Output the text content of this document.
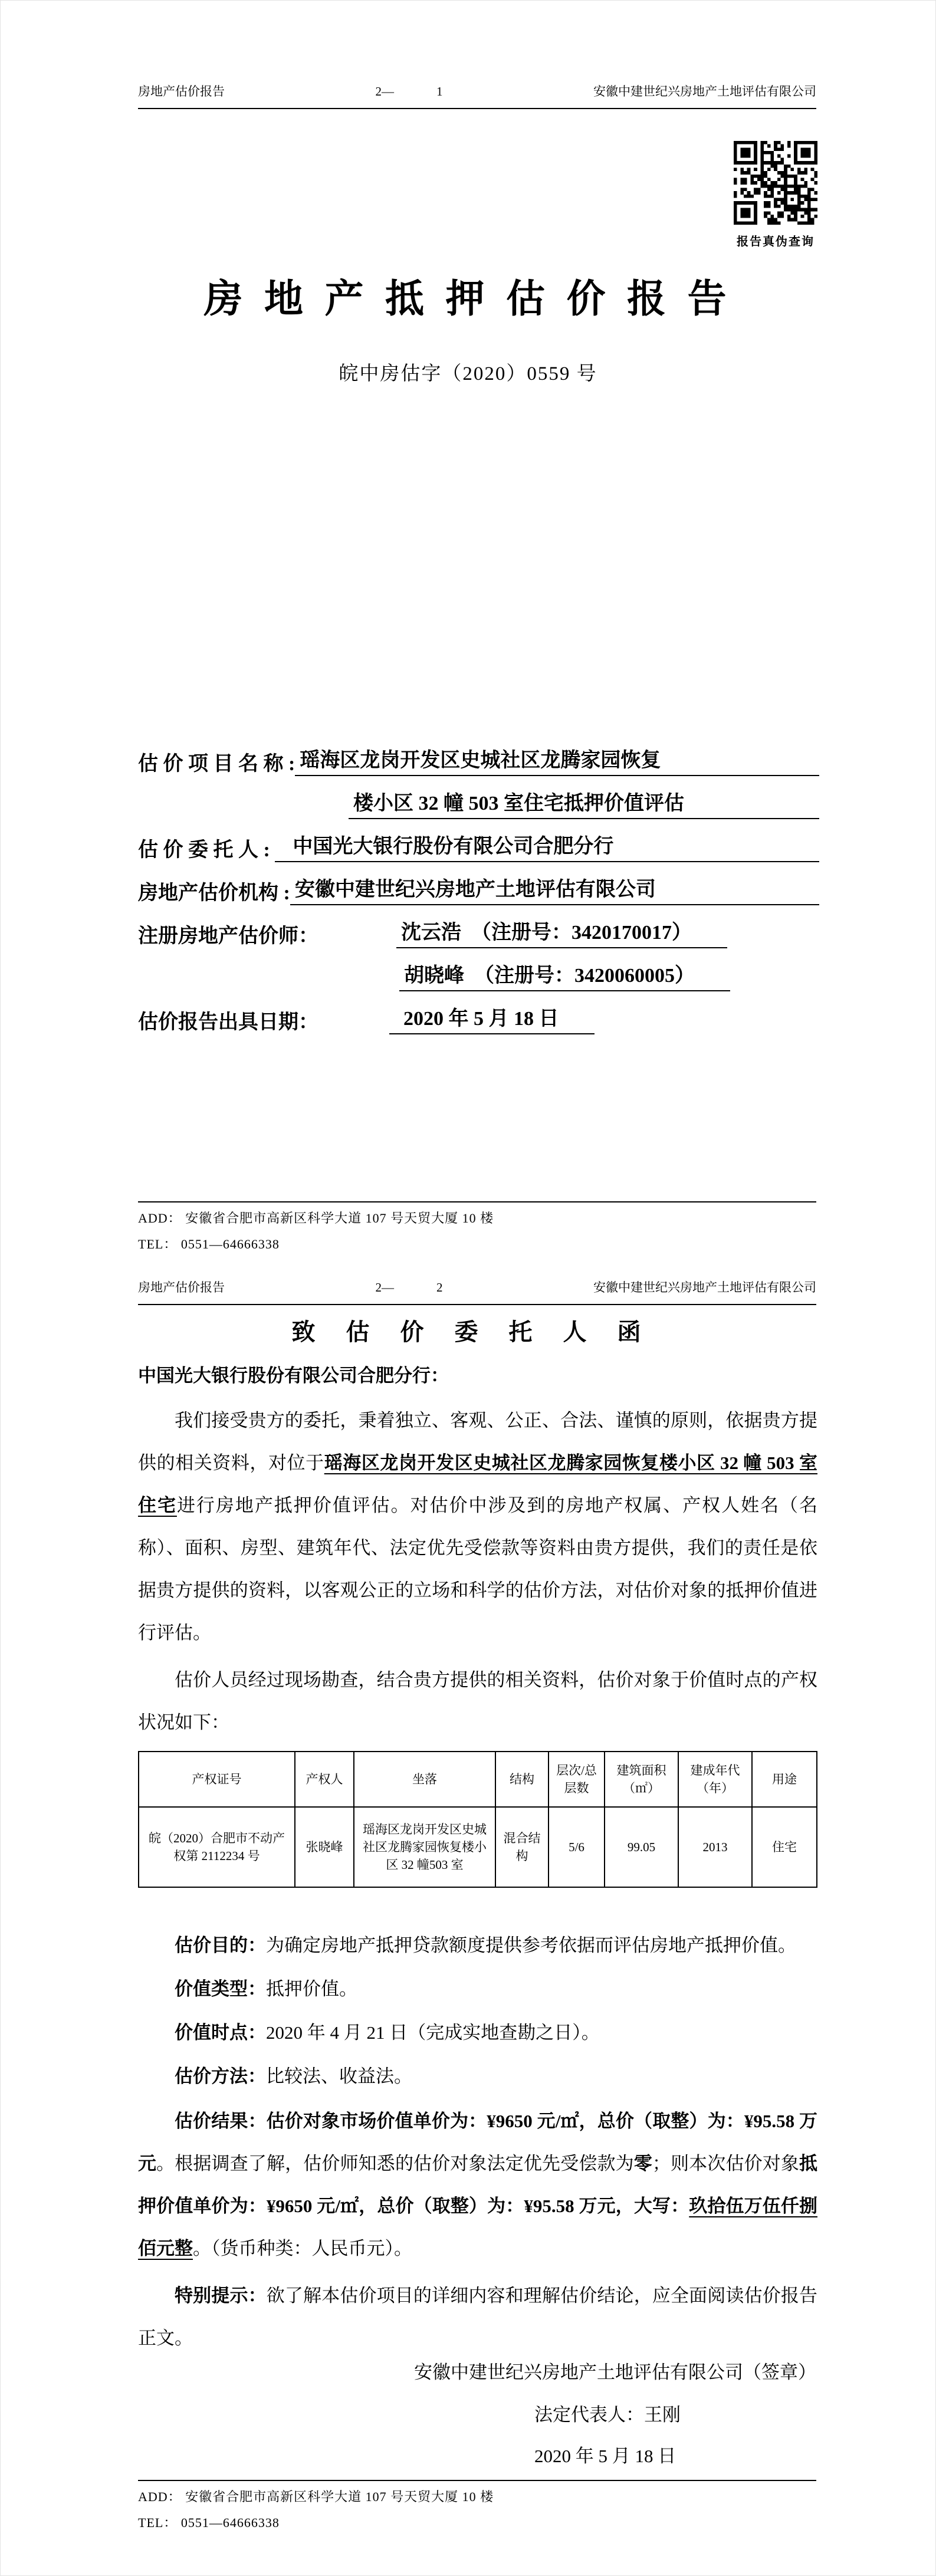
房地产估价报告	2—	1	安徽中建世纪兴房地产土地评估有限公司
报告真伪查询
房 地 产 抵 押 估 价 报 告
皖中房估字（2020）0559 号
估 价 项 目 名 称 : 瑶海区龙岗开发区史城社区龙腾家园恢复
楼小区 32 幢 503 室住宅抵押价值评估
估 价 委 托 人 : 中国光大银行股份有限公司合肥分行
房地产估价机构 : 安徽中建世纪兴房地产土地评估有限公司
注册房地产估价师：	沈云浩　（注册号：3420170017）
胡晓峰　（注册号：3420060005）
估价报告出具日期：	2020 年 5 月 18 日
ADD： 安徽省合肥市高新区科学大道 107 号天贸大厦 10 楼
TEL： 0551—64666338
房地产估价报告	2—	2	安徽中建世纪兴房地产土地评估有限公司
致　估　价　委　托　人　函
中国光大银行股份有限公司合肥分行：

我们接受贵方的委托，秉着独立、客观、公正、合法、谨慎的原则，依据贵方提供的相关资料，对位于瑶海区龙岗开发区史城社区龙腾家园恢复楼小区 32 幢 503 室住宅进行房地产抵押价值评估。对估价中涉及到的房地产权属、产权人姓名（名称）、面积、房型、建筑年代、法定优先受偿款等资料由贵方提供，我们的责任是依据贵方提供的资料，以客观公正的立场和科学的估价方法，对估价对象的抵押价值进行评估。

估价人员经过现场勘查，结合贵方提供的相关资料，估价对象于价值时点的产权状况如下：

产权证号	产权人	坐落	结构	层次/总层数	建筑面积（㎡）	建成年代（年）	用途
皖（2020）合肥市不动产权第 2112234 号	张晓峰	瑶海区龙岗开发区史城社区龙腾家园恢复楼小区 32 幢503 室	混合结构	5/6	99.05	2013	住宅

估价目的：为确定房地产抵押贷款额度提供参考依据而评估房地产抵押价值。

价值类型：抵押价值。

价值时点：2020 年 4 月 21 日（完成实地查勘之日）。

估价方法：比较法、收益法。

估价结果：估价对象市场价值单价为：¥9650 元/㎡，总价（取整）为：¥95.58 万元。根据调查了解，估价师知悉的估价对象法定优先受偿款为零；则本次估价对象抵押价值单价为：¥9650 元/㎡，总价（取整）为：¥95.58 万元，大写：玖拾伍万伍仟捌佰元整。（货币种类：人民币元）。

特别提示：欲了解本估价项目的详细内容和理解估价结论，应全面阅读估价报告正文。

安徽中建世纪兴房地产土地评估有限公司（签章）
法定代表人：王刚
2020 年 5 月 18 日
ADD： 安徽省合肥市高新区科学大道 107 号天贸大厦 10 楼
TEL： 0551—64666338
